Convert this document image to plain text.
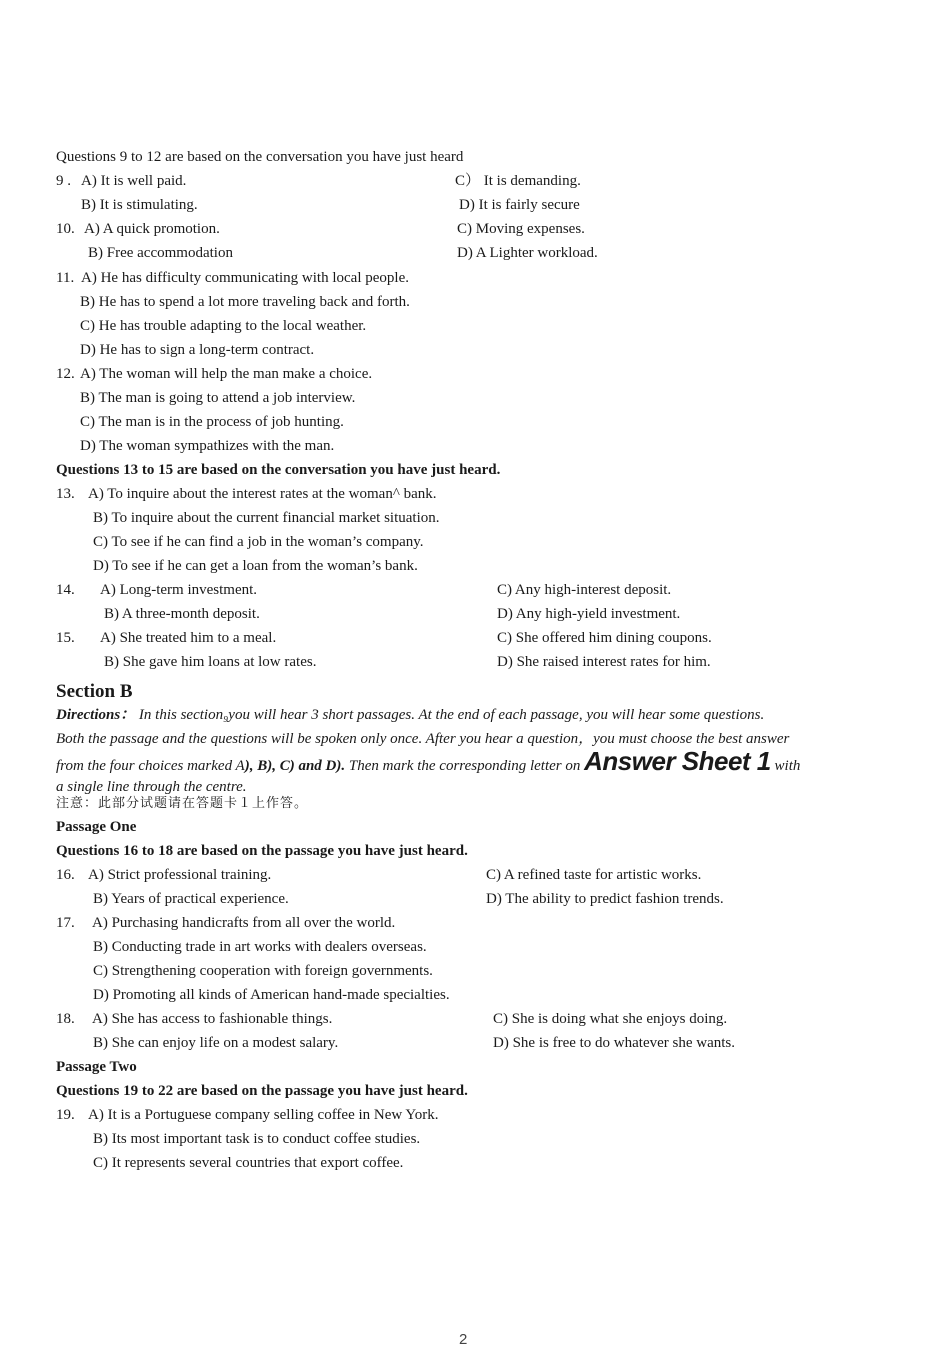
Questions 9 to 12 are based on the conversation you have just heard
9 . A) It is well paid.	C） It is demanding.
B) It is stimulating.	D) It is fairly secure
10. A) A quick promotion.	C) Moving expenses.
B) Free accommodation	D) A Lighter workload.
11. A) He has difficulty communicating with local people.
B) He has to spend a lot more traveling back and forth.
C) He has trouble adapting to the local weather.
D) He has to sign a long-term contract.
12. A) The woman will help the man make a choice.
B) The man is going to attend a job interview.
C) The man is in the process of job hunting.
D) The woman sympathizes with the man.
Questions 13 to 15 are based on the conversation you have just heard.
13. A) To inquire about the interest rates at the woman^ bank.
B) To inquire about the current financial market situation.
C) To see if he can find a job in the woman’s company.
D) To see if he can get a loan from the woman’s bank.
14. A) Long-term investment.	C) Any high-interest deposit.
B) A three-month deposit.	D) Any high-yield investment.
15. A) She treated him to a meal.	C) She offered him dining coupons.
B) She gave him loans at low rates.	D) She raised interest rates for him.
Section B
Directions： In this section₉you will hear 3 short passages. At the end of each passage, you will hear some questions.
Both the passage and the questions will be spoken only once. After you hear a question，you must choose the best answer
from the four choices marked A), B), C) and D). Then mark the corresponding letter on Answer Sheet 1 with
a single line through the centre.
注意：此部分试题请在答题卡１上作答。
Passage One
Questions 16 to 18 are based on the passage you have just heard.
16. A) Strict professional training.	C) A refined taste for artistic works.
B) Years of practical experience.	D) The ability to predict fashion trends.
17. A) Purchasing handicrafts from all over the world.
B) Conducting trade in art works with dealers overseas.
C) Strengthening cooperation with foreign governments.
D) Promoting all kinds of American hand-made specialties.
18. A) She has access to fashionable things.	C) She is doing what she enjoys doing.
B) She can enjoy life on a modest salary.	D) She is free to do whatever she wants.
Passage Two
Questions 19 to 22 are based on the passage you have just heard.
19. A) It is a Portuguese company selling coffee in New York.
B) Its most important task is to conduct coffee studies.
C) It represents several countries that export coffee.
2
